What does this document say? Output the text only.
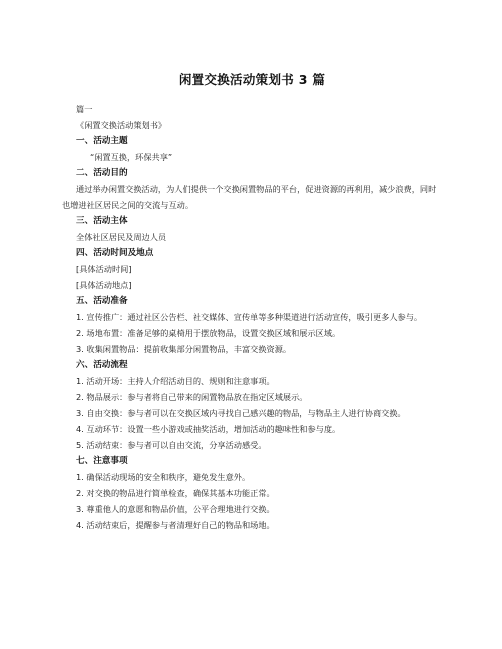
闲置交换活动策划书 3 篇

篇一

《闲置交换活动策划书》

一、活动主题

“闲置互换，环保共享”

二、活动目的

通过举办闲置交换活动，为人们提供一个交换闲置物品的平台，促进资源的再利用，减少浪费，同时也增进社区居民之间的交流与互动。

三、活动主体

全体社区居民及周边人员

四、活动时间及地点

[具体活动时间]

[具体活动地点]

五、活动准备

1. 宣传推广：通过社区公告栏、社交媒体、宣传单等多种渠道进行活动宣传，吸引更多人参与。

2. 场地布置：准备足够的桌椅用于摆放物品，设置交换区域和展示区域。

3. 收集闲置物品：提前收集部分闲置物品，丰富交换资源。

六、活动流程

1. 活动开场：主持人介绍活动目的、规则和注意事项。

2. 物品展示：参与者将自己带来的闲置物品放在指定区域展示。

3. 自由交换：参与者可以在交换区域内寻找自己感兴趣的物品，与物品主人进行协商交换。

4. 互动环节：设置一些小游戏或抽奖活动，增加活动的趣味性和参与度。

5. 活动结束：参与者可以自由交流，分享活动感受。

七、注意事项

1. 确保活动现场的安全和秩序，避免发生意外。

2. 对交换的物品进行简单检查，确保其基本功能正常。

3. 尊重他人的意愿和物品价值，公平合理地进行交换。

4. 活动结束后，提醒参与者清理好自己的物品和场地。
